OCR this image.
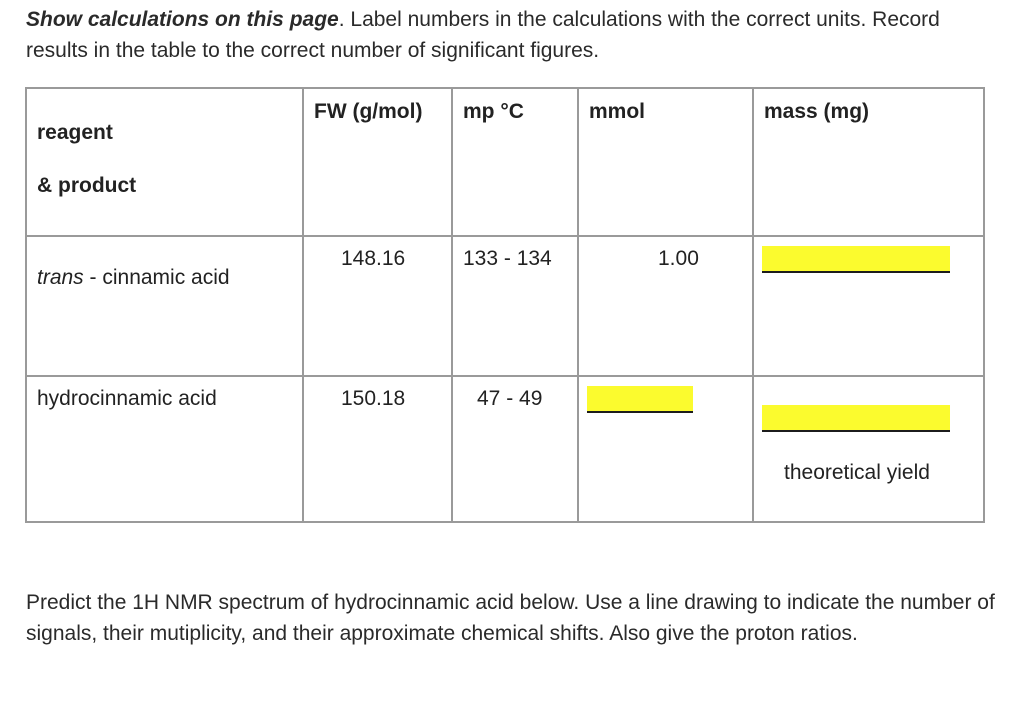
Show calculations on this page. Label numbers in the calculations with the correct units. Record results in the table to the correct number of significant figures.
reagent
& product	FW (g/mol)	mp °C	mmol	mass (mg)

trans - cinnamic acid	148.16	133 - 134	1.00	

hydrocinnamic acid	150.18	47 - 49		theoretical yield
Predict the 1H NMR spectrum of hydrocinnamic acid below. Use a line drawing to indicate the number of signals, their mutiplicity, and their approximate chemical shifts. Also give the proton ratios.
